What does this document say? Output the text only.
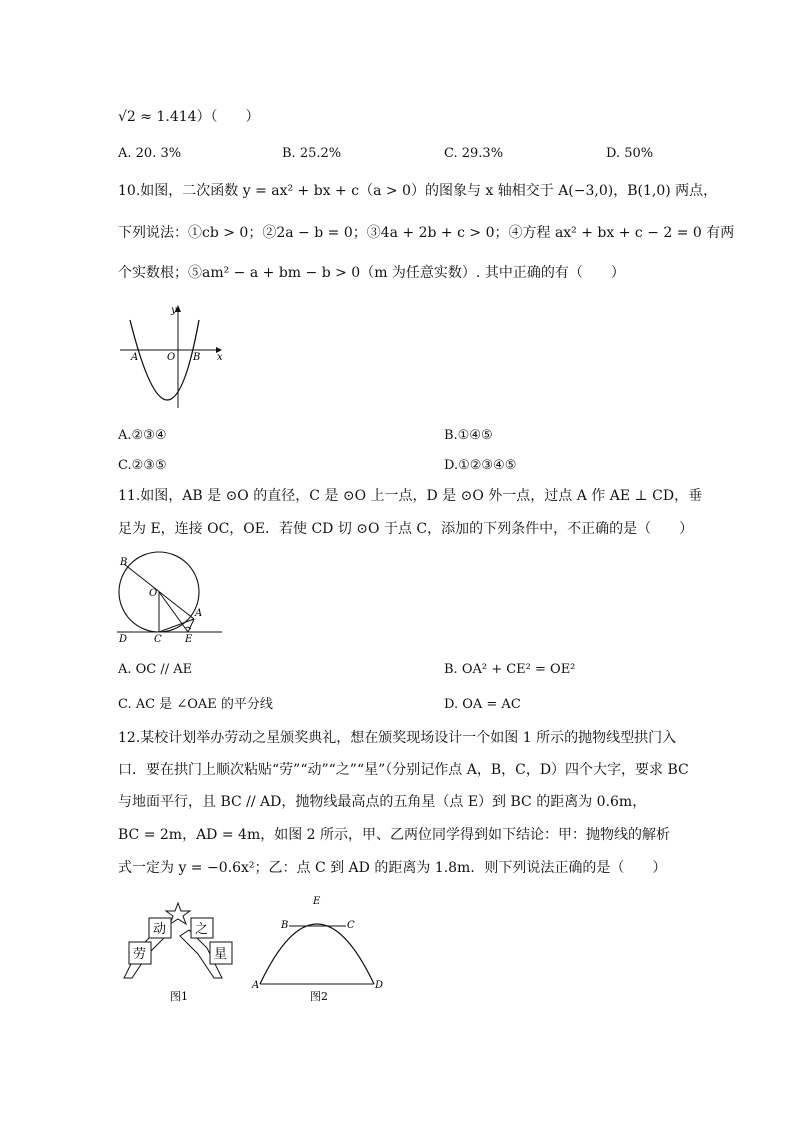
√2 ≈ 1.414）（　　）
A. 20. 3%	B. 25.2%	C. 29.3%	D. 50%
10.如图，二次函数 y = ax² + bx + c（a > 0）的图象与 x 轴相交于 A(−3,0)，B(1,0) 两点，
下列说法：①cb > 0；②2a − b = 0；③4a + 2b + c > 0；④方程 ax² + bx + c − 2 = 0 有两
个实数根；⑤am² − a + bm − b > 0（m 为任意实数）. 其中正确的有（　　）
y
x
A	O B
A.②③④	B.①④⑤
C.②③⑤	D.①②③④⑤
11.如图，AB 是 ⊙O 的直径，C 是 ⊙O 上一点，D 是 ⊙O 外一点，过点 A 作 AE ⊥ CD，垂
足为 E，连接 OC，OE．若使 CD 切 ⊙O 于点 C，添加的下列条件中，不正确的是（　　）
B
O
A
D	C E
A. OC // AE	B. OA² + CE² = OE²
C. AC 是 ∠OAE 的平分线	D. OA = AC
12.某校计划举办劳动之星颁奖典礼，想在颁奖现场设计一个如图 1 所示的抛物线型拱门入
口．要在拱门上顺次粘贴“劳”“动”“之”“星”（分别记作点 A，B，C，D）四个大字，要求 BC
与地面平行，且 BC // AD，抛物线最高点的五角星（点 E）到 BC 的距离为 0.6m，
BC = 2m，AD = 4m，如图 2 所示，甲、乙两位同学得到如下结论：甲：抛物线的解析
式一定为 y = −0.6x²；乙：点 C 到 AD 的距离为 1.8m．则下列说法正确的是（　　）
劳
动 之
星
图1
E
B	C
A	D
图2
